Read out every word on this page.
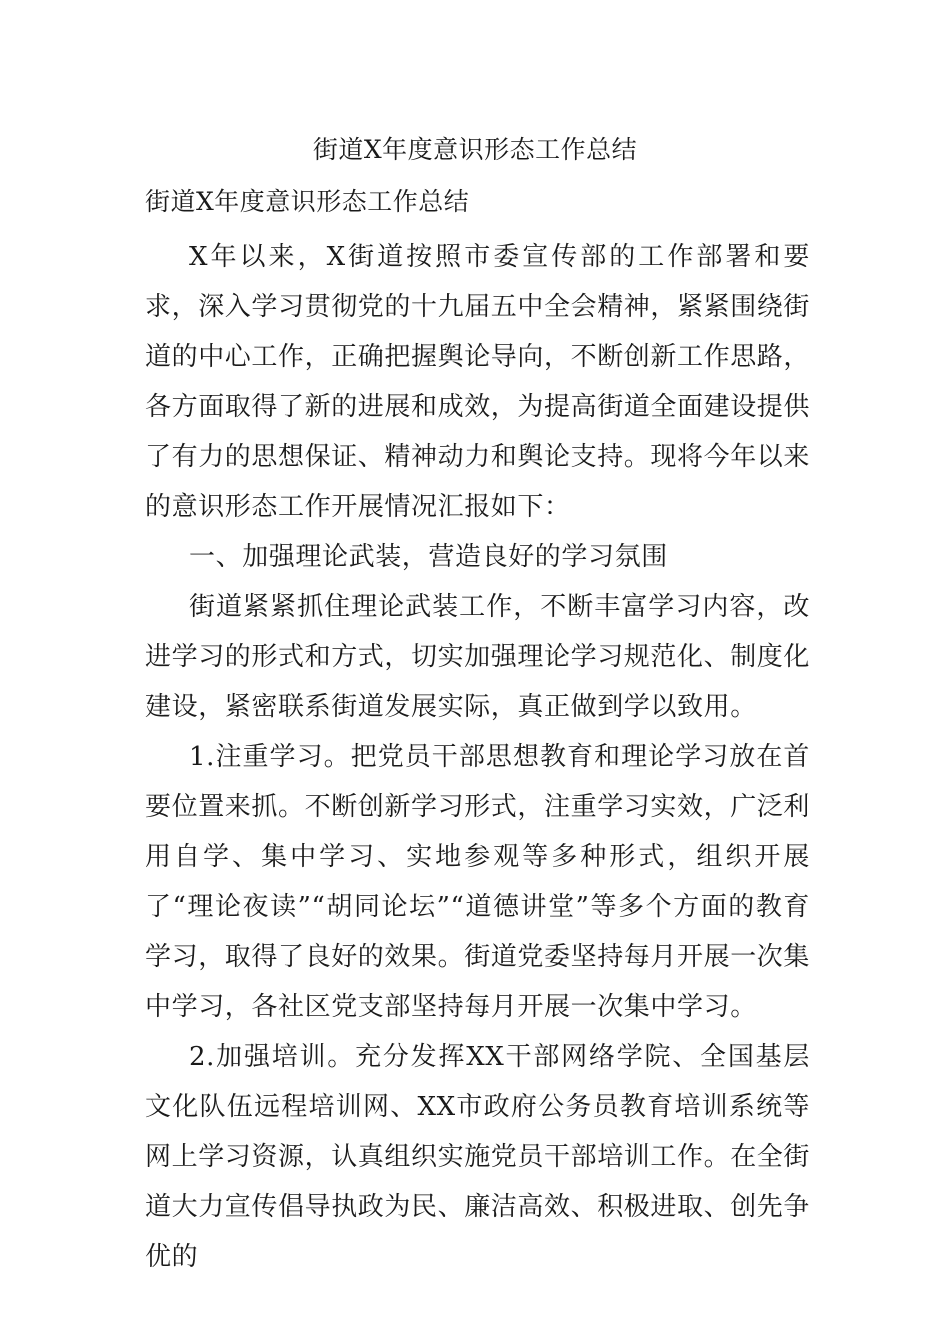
街道X年度意识形态工作总结

街道X年度意识形态工作总结

X年以来，X街道按照市委宣传部的工作部署和要求，深入学习贯彻党的十九届五中全会精神，紧紧围绕街道的中心工作，正确把握舆论导向，不断创新工作思路，各方面取得了新的进展和成效，为提高街道全面建设提供了有力的思想保证、精神动力和舆论支持。现将今年以来的意识形态工作开展情况汇报如下：

一、加强理论武装，营造良好的学习氛围

街道紧紧抓住理论武装工作，不断丰富学习内容，改进学习的形式和方式，切实加强理论学习规范化、制度化建设，紧密联系街道发展实际，真正做到学以致用。

1.注重学习。把党员干部思想教育和理论学习放在首要位置来抓。不断创新学习形式，注重学习实效，广泛利用自学、集中学习、实地参观等多种形式，组织开展了“理论夜读”“胡同论坛”“道德讲堂”等多个方面的教育学习，取得了良好的效果。街道党委坚持每月开展一次集中学习，各社区党支部坚持每月开展一次集中学习。

2.加强培训。充分发挥XX干部网络学院、全国基层文化队伍远程培训网、XX市政府公务员教育培训系统等网上学习资源，认真组织实施党员干部培训工作。在全街道大力宣传倡导执政为民、廉洁高效、积极进取、创先争优的
